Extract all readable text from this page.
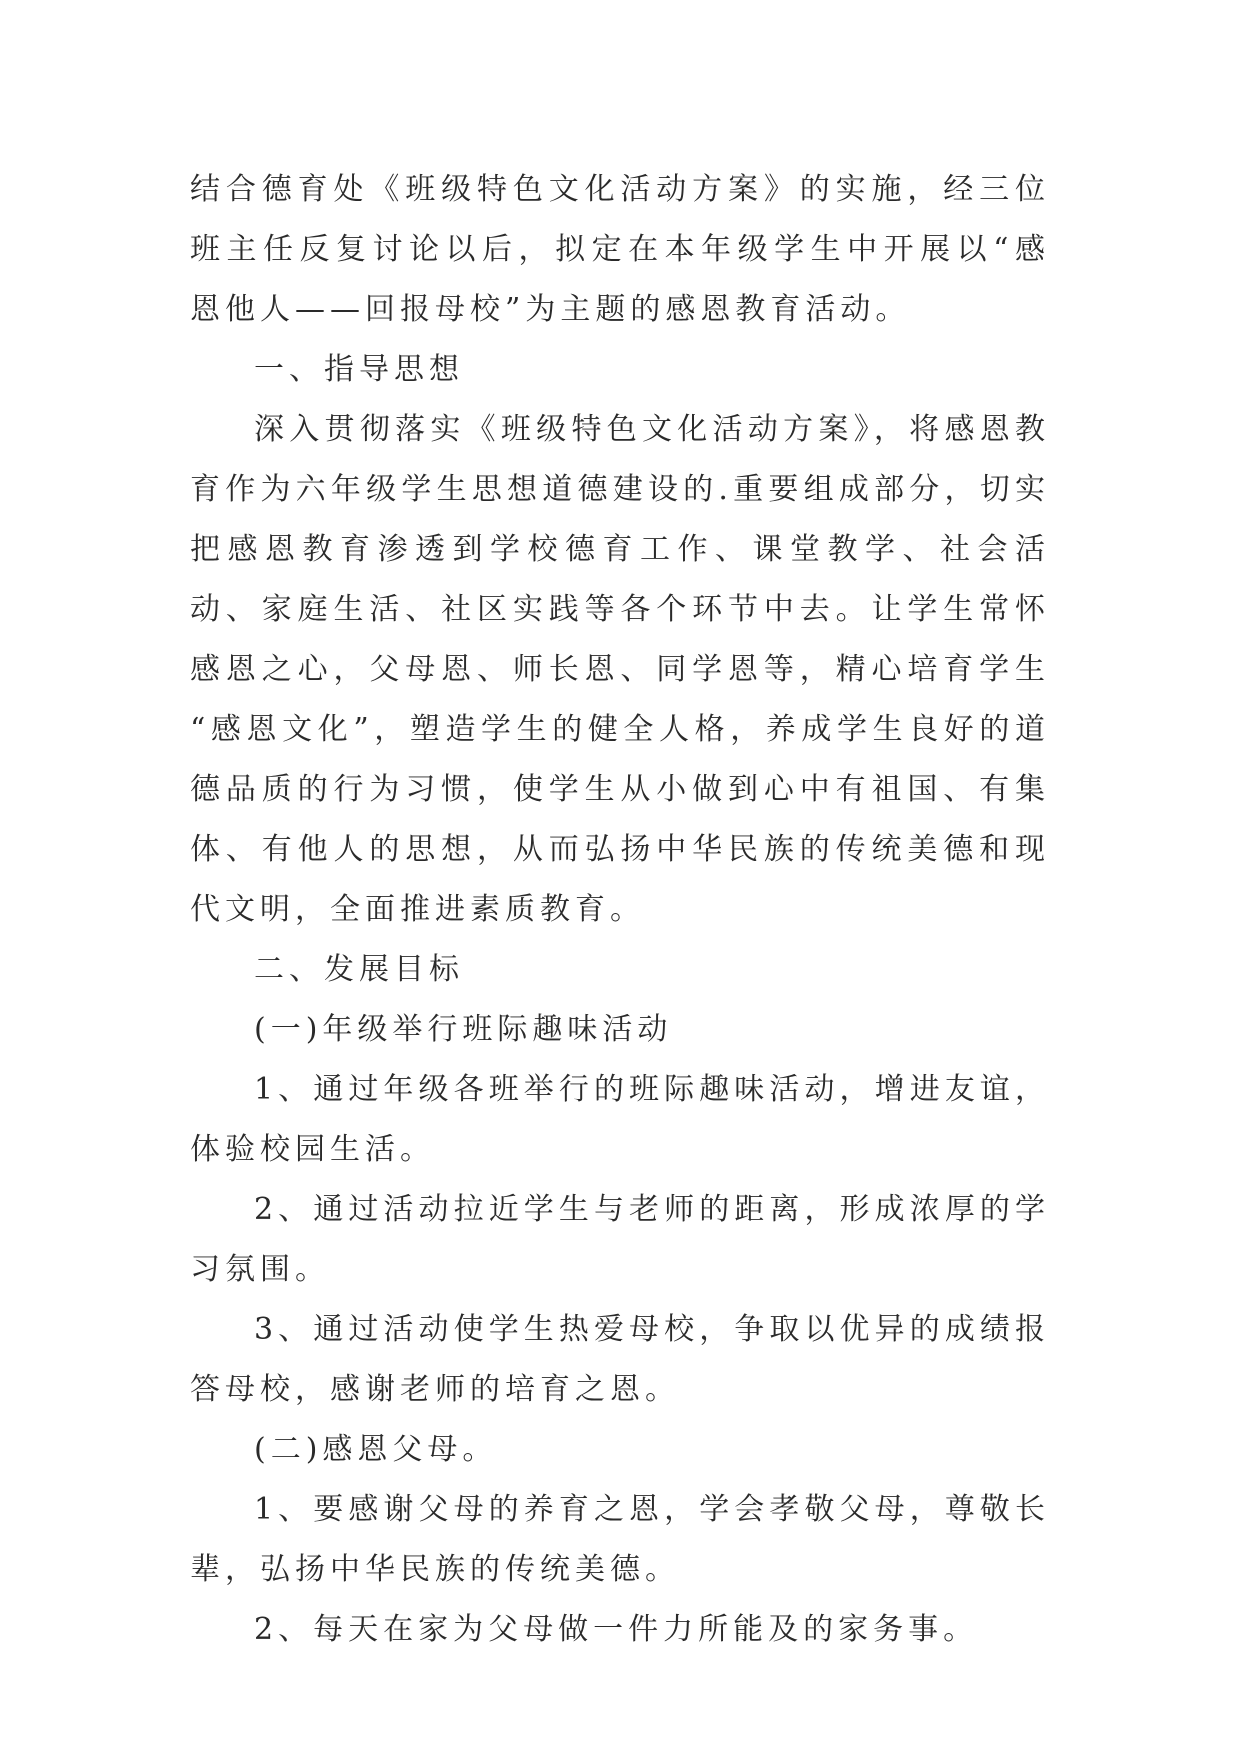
结合德育处《班级特色文化活动方案》的实施，经三位班主任反复讨论以后，拟定在本年级学生中开展以“感恩他人——回报母校”为主题的感恩教育活动。

一、指导思想

深入贯彻落实《班级特色文化活动方案》，将感恩教育作为六年级学生思想道德建设的.重要组成部分，切实把感恩教育渗透到学校德育工作、课堂教学、社会活动、家庭生活、社区实践等各个环节中去。让学生常怀感恩之心，父母恩、师长恩、同学恩等，精心培育学生 “感恩文化”，塑造学生的健全人格，养成学生良好的道德品质的行为习惯，使学生从小做到心中有祖国、有集体、有他人的思想，从而弘扬中华民族的传统美德和现代文明，全面推进素质教育。

二、发展目标

(一)年级举行班际趣味活动

1、通过年级各班举行的班际趣味活动，增进友谊，体验校园生活。

2、通过活动拉近学生与老师的距离，形成浓厚的学习氛围。

3、通过活动使学生热爱母校，争取以优异的成绩报答母校，感谢老师的培育之恩。

(二)感恩父母。

1、要感谢父母的养育之恩，学会孝敬父母，尊敬长辈，弘扬中华民族的传统美德。

2、每天在家为父母做一件力所能及的家务事。
